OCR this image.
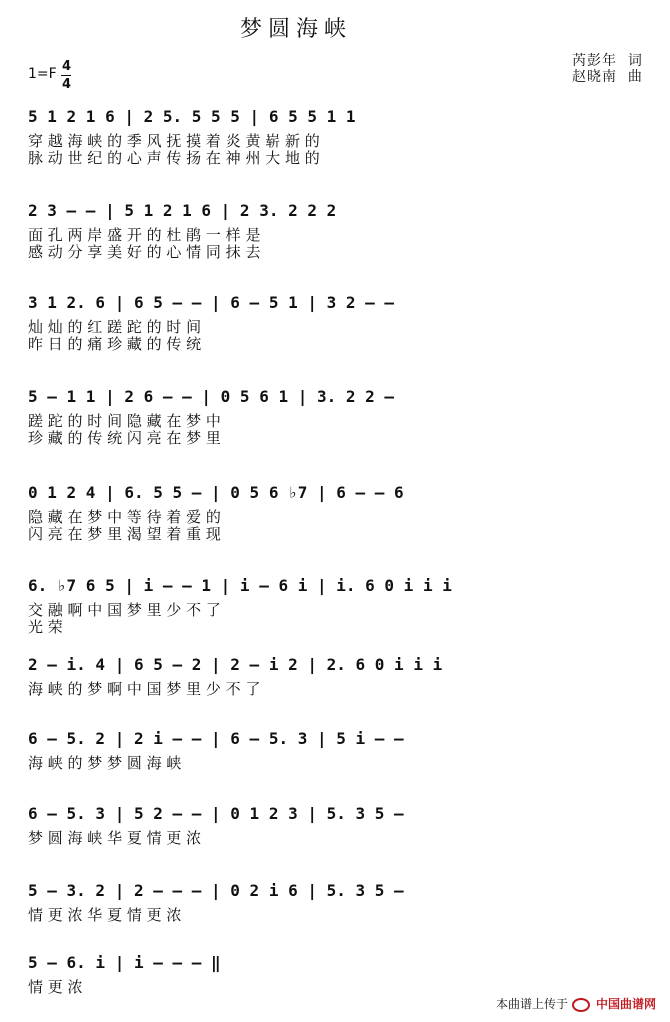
梦圆海峡
芮彭年  词
赵晓南  曲
1=F 4
4
5 1 2 1 6 | 2 5. 5 5 5 | 6 5 5 1 1
穿 越 海 峡 的 季 风 抚 摸 着 炎 黄 崭 新 的
脉 动 世 纪 的 心 声 传 扬 在 神 州 大 地 的
2 3 – – | 5 1 2 1 6 | 2 3. 2 2 2
面 孔 两 岸 盛 开 的 杜 鹃 一 样 是
感 动 分 享 美 好 的 心 情 同 抹 去
3 1 2. 6 | 6 5 – – | 6 – 5 1 | 3 2 – –
灿 灿 的 红 蹉 跎 的 时 间
昨 日 的 痛 珍 藏 的 传 统
5 – 1 1 | 2 6 – – | 0 5 6 1 | 3. 2 2 –
蹉 跎 的 时 间 隐 藏 在 梦 中
珍 藏 的 传 统 闪 亮 在 梦 里
0 1 2 4 | 6. 5 5 – | 0 5 6 ♭7 | 6 – – 6
隐 藏 在 梦 中 等 待 着 爱 的
闪 亮 在 梦 里 渴 望 着 重 现
6. ♭7 6 5 | i – – 1 | i – 6 i | i. 6 0 i i i
交 融 啊 中 国 梦 里 少 不 了
光 荣
2 – i. 4 | 6 5 – 2 | 2 – i 2 | 2. 6 0 i i i
海 峡 的 梦 啊 中 国 梦 里 少 不 了
6 – 5. 2 | 2 i – – | 6 – 5. 3 | 5 i – –
海 峡 的 梦 梦 圆 海 峡
6 – 5. 3 | 5 2 – – | 0 1 2 3 | 5. 3 5 –
梦 圆 海 峡 华 夏 情 更 浓
5 – 3. 2 | 2 – – – | 0 2 i 6 | 5. 3 5 –
情 更 浓 华 夏 情 更 浓
5 – 6. i | i – – – ‖
情 更 浓

本曲谱上传于 中国曲谱网
